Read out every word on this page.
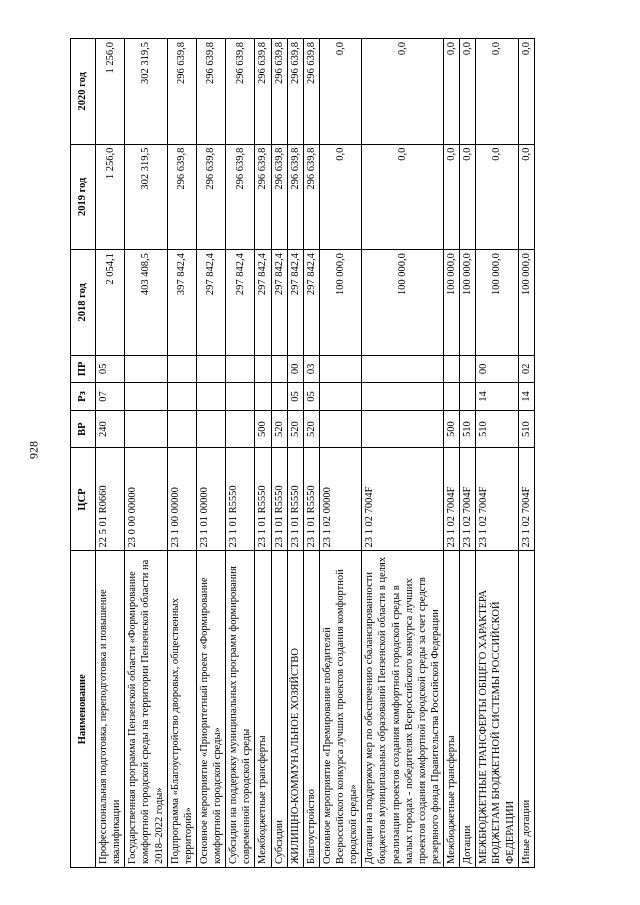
928
Наименование	ЦСР	ВР	Рз	ПР	2018 год	2019 год	2020 год
Профессиональная подготовка, переподготовка и повышение квалификации	22 5 01 R0660	240	07	05	2 054,1	1 256,0	1 256,0
Государственная программа Пензенской области «Формирование комфортной городской среды на территории Пензенской области на 2018–2022 годы»	23 0 00 00000				403 408,5	302 319,5	302 319,5
Подпрограмма «Благоустройство дворовых, общественных территорий»	23 1 00 00000				397 842,4	296 639,8	296 639,8
Основное мероприятие «Приоритетный проект «Формирование комфортной городской среды»	23 1 01 00000				297 842,4	296 639,8	296 639,8
Субсидии на поддержку муниципальных программ формирования современной городской среды	23 1 01 R5550				297 842,4	296 639,8	296 639,8
Межбюджетные трансферты	23 1 01 R5550	500			297 842,4	296 639,8	296 639,8
Субсидии	23 1 01 R5550	520			297 842,4	296 639,8	296 639,8
ЖИЛИЩНО-КОММУНАЛЬНОЕ ХОЗЯЙСТВО	23 1 01 R5550	520	05	00	297 842,4	296 639,8	296 639,8
Благоустройство	23 1 01 R5550	520	05	03	297 842,4	296 639,8	296 639,8
Основное мероприятие «Премирование победителей Всероссийского конкурса лучших проектов создания комфортной городской среды»	23 1 02 00000				100 000,0	0,0	0,0
Дотации на поддержку мер по обеспечению сбалансированности бюджетов муниципальных образований Пензенской области в целях реализации проектов создания комфортной городской среды в малых городах - победителях Всероссийского конкурса лучших проектов создания комфортной городской среды за счет средств резервного фонда Правительства Российской Федерации	23 1 02 7004F				100 000,0	0,0	0,0
Межбюджетные трансферты	23 1 02 7004F	500			100 000,0	0,0	0,0
Дотации	23 1 02 7004F	510			100 000,0	0,0	0,0
МЕЖБЮДЖЕТНЫЕ ТРАНСФЕРТЫ ОБЩЕГО ХАРАКТЕРА БЮДЖЕТАМ БЮДЖЕТНОЙ СИСТЕМЫ РОССИЙСКОЙ ФЕДЕРАЦИИ	23 1 02 7004F	510	14	00	100 000,0	0,0	0,0
Иные дотации	23 1 02 7004F	510	14	02	100 000,0	0,0	0,0
